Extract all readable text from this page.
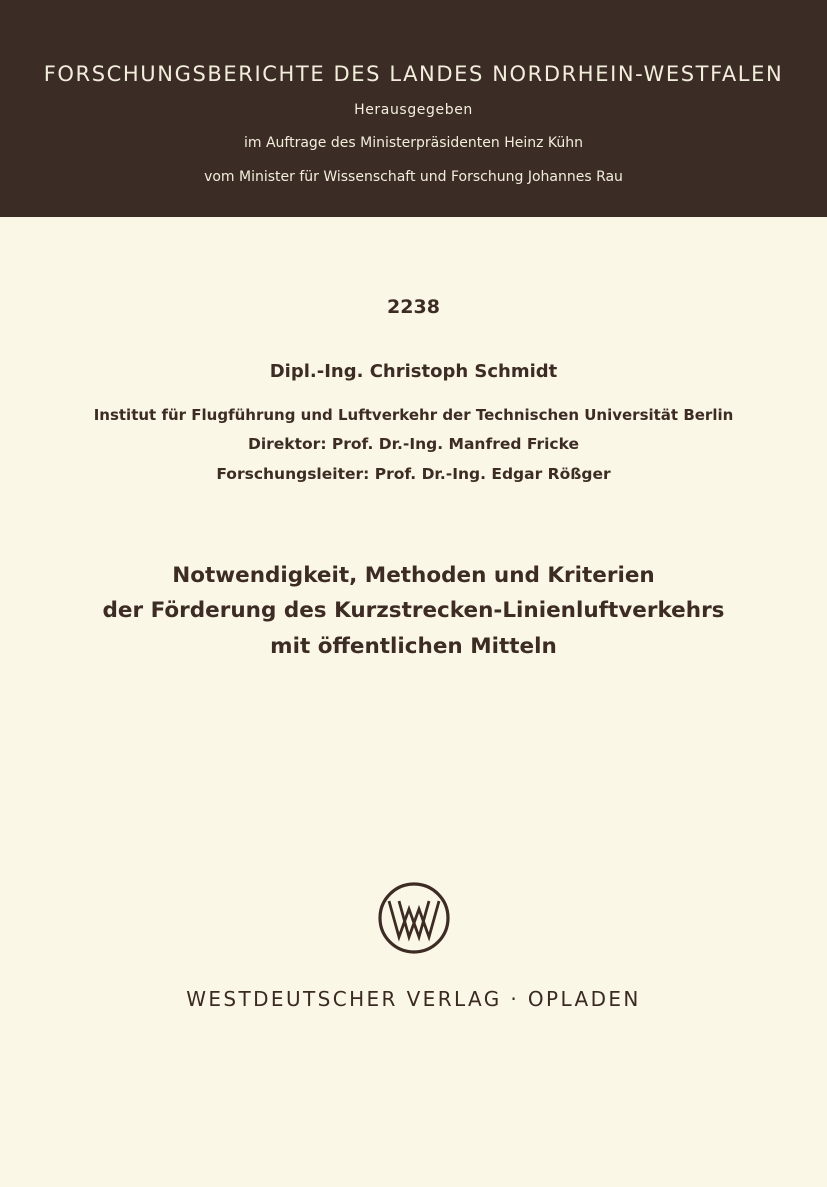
FORSCHUNGSBERICHTE DES LANDES NORDRHEIN-WESTFALEN
Herausgegeben
im Auftrage des Ministerpräsidenten Heinz Kühn
vom Minister für Wissenschaft und Forschung Johannes Rau
2238
Dipl.-Ing. Christoph Schmidt
Institut für Flugführung und Luftverkehr der Technischen Universität Berlin
Direktor: Prof. Dr.-Ing. Manfred Fricke
Forschungsleiter: Prof. Dr.-Ing. Edgar Rößger
Notwendigkeit, Methoden und Kriterien
der Förderung des Kurzstrecken-Linienluftverkehrs
mit öffentlichen Mitteln
WESTDEUTSCHER VERLAG · OPLADEN
